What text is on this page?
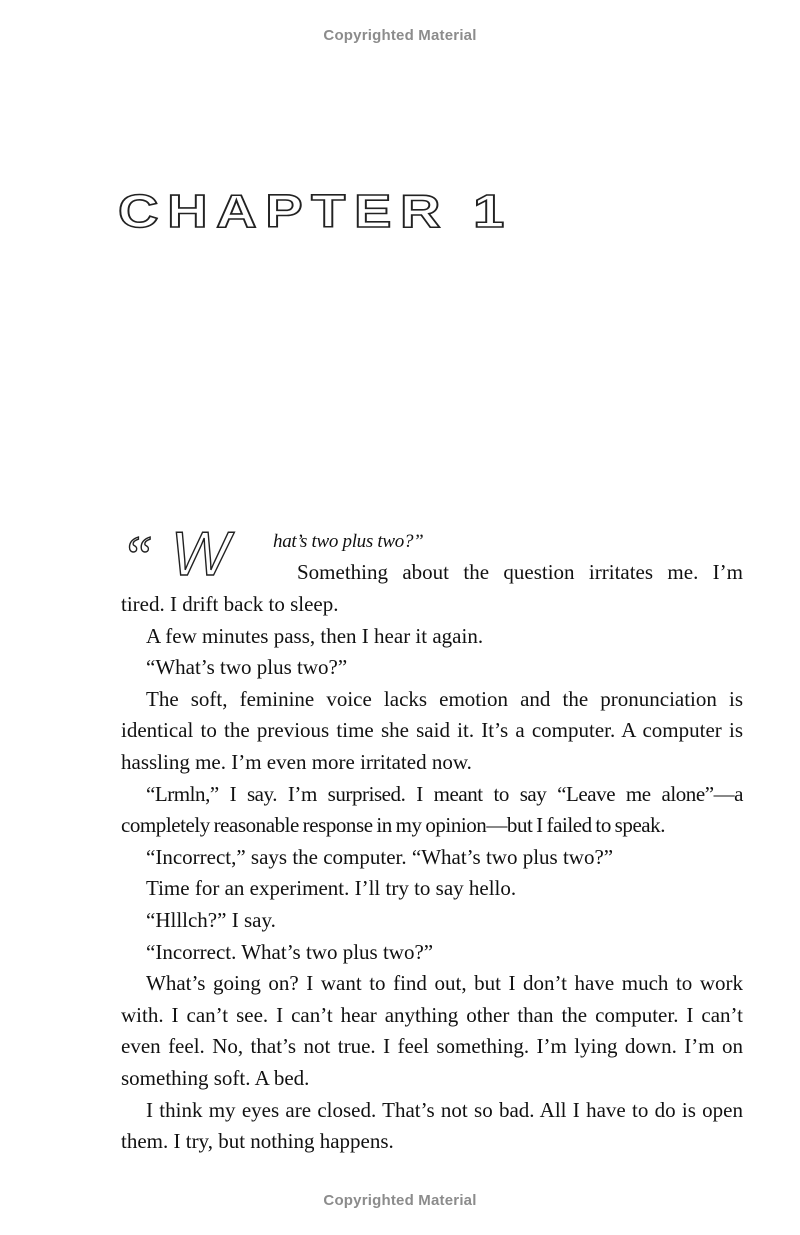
Copyrighted Material
CHAPTER 1
“ W hat’s two plus two?”
Something about the question irritates me. I’m

tired. I drift back to sleep.

A few minutes pass, then I hear it again.

“What’s two plus two?”

The soft, feminine voice lacks emotion and the pronunciation is identical to the previous time she said it. It’s a computer. A computer is hassling me. I’m even more irritated now.

“Lrmln,” I say. I’m surprised. I meant to say “Leave me alone”—a completely reasonable response in my opinion—but I failed to speak.

“Incorrect,” says the computer. “What’s two plus two?”

Time for an experiment. I’ll try to say hello.

“Hlllch?” I say.

“Incorrect. What’s two plus two?”

What’s going on? I want to find out, but I don’t have much to work with. I can’t see. I can’t hear anything other than the computer. I can’t even feel. No, that’s not true. I feel something. I’m lying down. I’m on something soft. A bed.

I think my eyes are closed. That’s not so bad. All I have to do is open them. I try, but nothing happens.

Copyrighted Material
